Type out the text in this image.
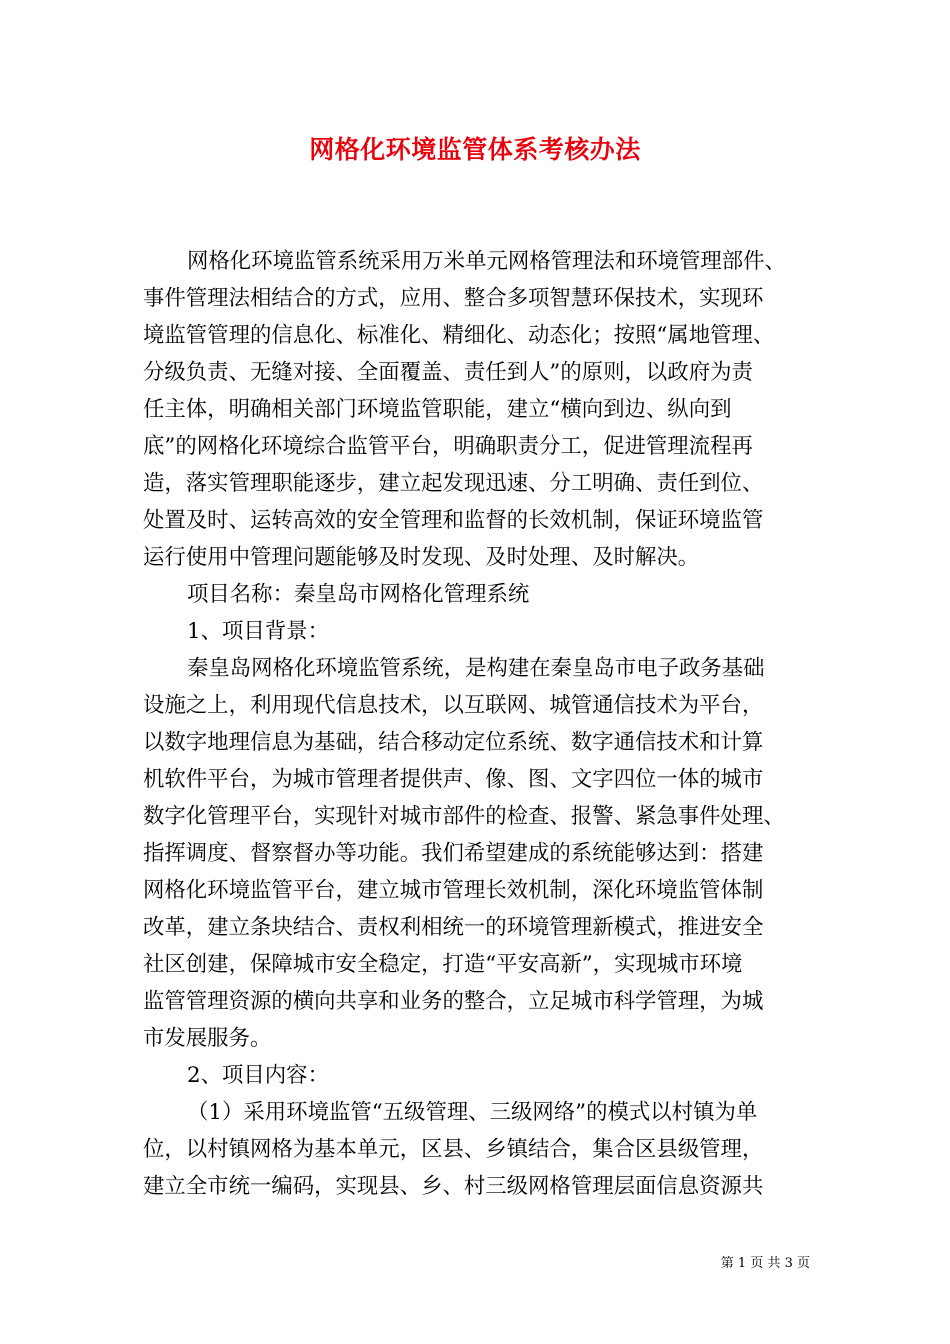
网格化环境监管体系考核办法
网格化环境监管系统采用万米单元网格管理法和环境管理部件、
事件管理法相结合的方式，应用、整合多项智慧环保技术，实现环
境监管管理的信息化、标准化、精细化、动态化；按照“属地管理、
分级负责、无缝对接、全面覆盖、责任到人”的原则，以政府为责
任主体，明确相关部门环境监管职能，建立“横向到边、纵向到
底”的网格化环境综合监管平台，明确职责分工，促进管理流程再
造，落实管理职能逐步，建立起发现迅速、分工明确、责任到位、
处置及时、运转高效的安全管理和监督的长效机制，保证环境监管
运行使用中管理问题能够及时发现、及时处理、及时解决。
项目名称：秦皇岛市网格化管理系统
1、项目背景：
秦皇岛网格化环境监管系统，是构建在秦皇岛市电子政务基础
设施之上，利用现代信息技术，以互联网、城管通信技术为平台，
以数字地理信息为基础，结合移动定位系统、数字通信技术和计算
机软件平台，为城市管理者提供声、像、图、文字四位一体的城市
数字化管理平台，实现针对城市部件的检查、报警、紧急事件处理、
指挥调度、督察督办等功能。我们希望建成的系统能够达到：搭建
网格化环境监管平台，建立城市管理长效机制，深化环境监管体制
改革，建立条块结合、责权利相统一的环境管理新模式，推进安全
社区创建，保障城市安全稳定，打造“平安高新”，实现城市环境
监管管理资源的横向共享和业务的整合，立足城市科学管理，为城
市发展服务。
2、项目内容：
（1）采用环境监管“五级管理、三级网络”的模式以村镇为单
位，以村镇网格为基本单元，区县、乡镇结合，集合区县级管理，
建立全市统一编码，实现县、乡、村三级网格管理层面信息资源共
第 1 页 共 3 页
